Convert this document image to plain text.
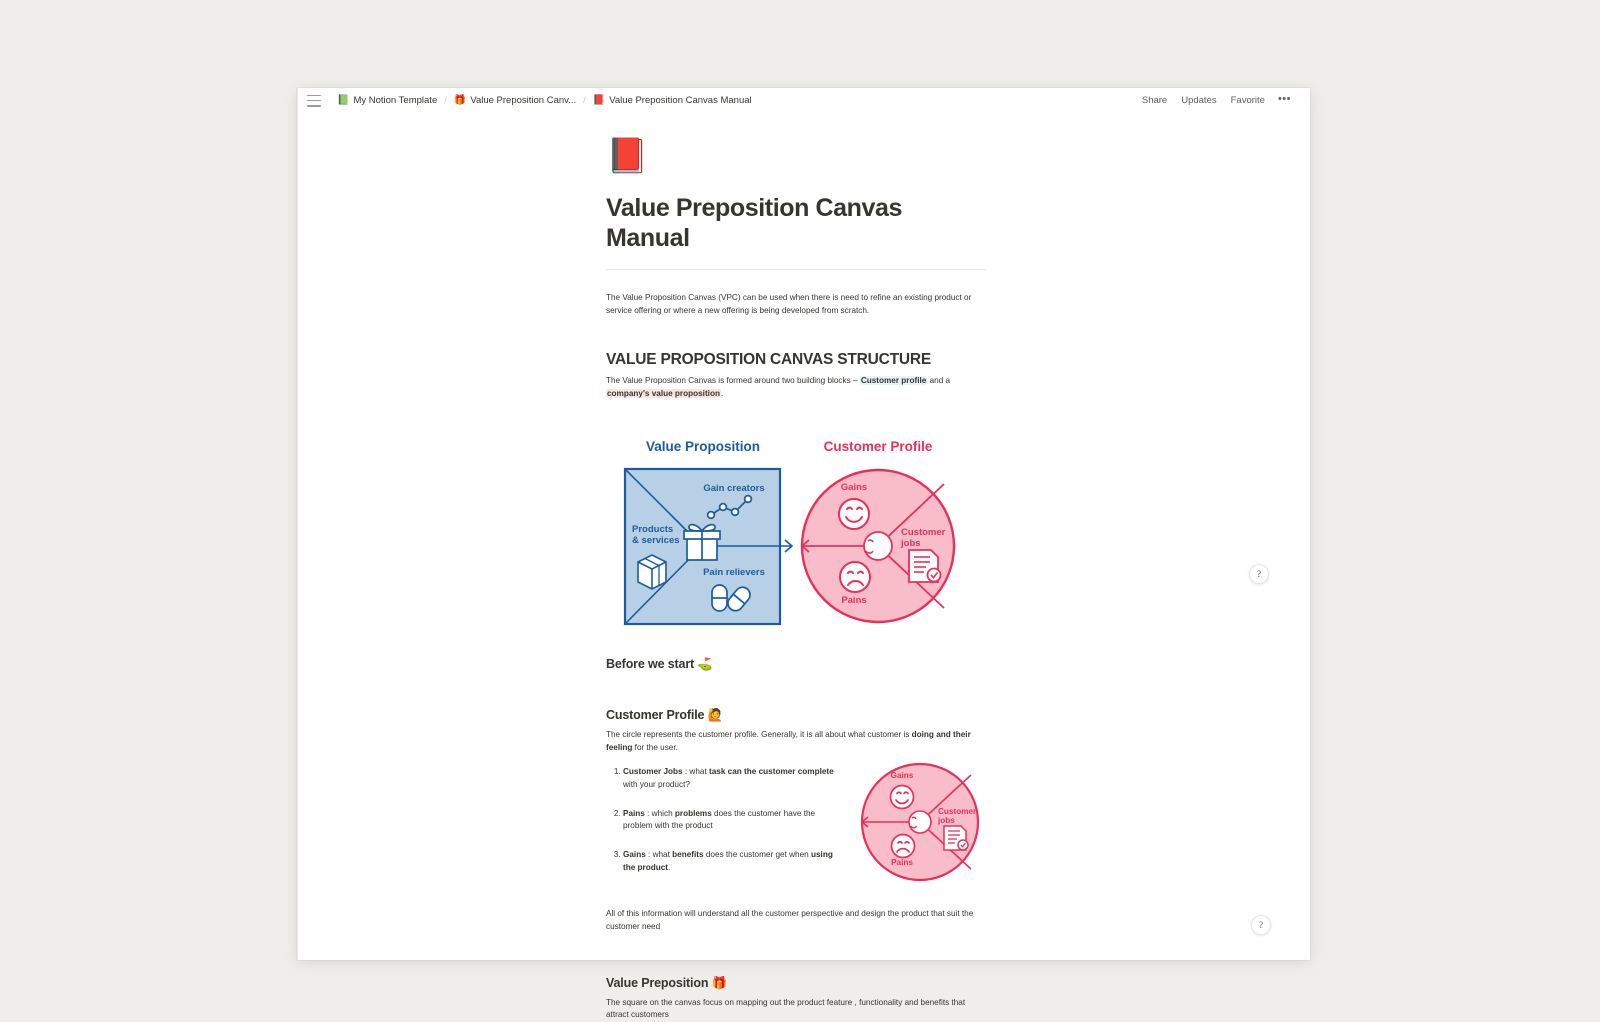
📗 My Notion Template / 🎁 Value Preposition Canv... / 📕 Value Preposition Canvas Manual	Share	Updates	Favorite	•••
📕
Value Preposition Canvas Manual

The Value Proposition Canvas (VPC) can be used when there is need to refine an existing product or service offering or where a new offering is being developed from scratch.

VALUE PROPOSITION CANVAS STRUCTURE

The Value Proposition Canvas is formed around two building blocks – Customer profile and a company's value proposition.

Value Proposition	Customer Profile
Gain creators
Products
& services
Pain relievers
Gains
Pains
Customer
jobs
Before we start ⛳
Customer Profile 🙋

The circle represents the customer profile. Generally, it is all about what customer is doing and their feeling for the user.

1. Customer Jobs : what task can the customer complete with your product?
2. Pains : which problems does the customer have the problem with the product
3. Gains : what benefits does the customer get when using the product.
Gains
Pains
Customer
jobs

All of this information will understand all the customer perspective and design the product that suit the customer need

Value Preposition 🎁

The square on the canvas focus on mapping out the product feature , functionality and benefits that attract customers

?
?
